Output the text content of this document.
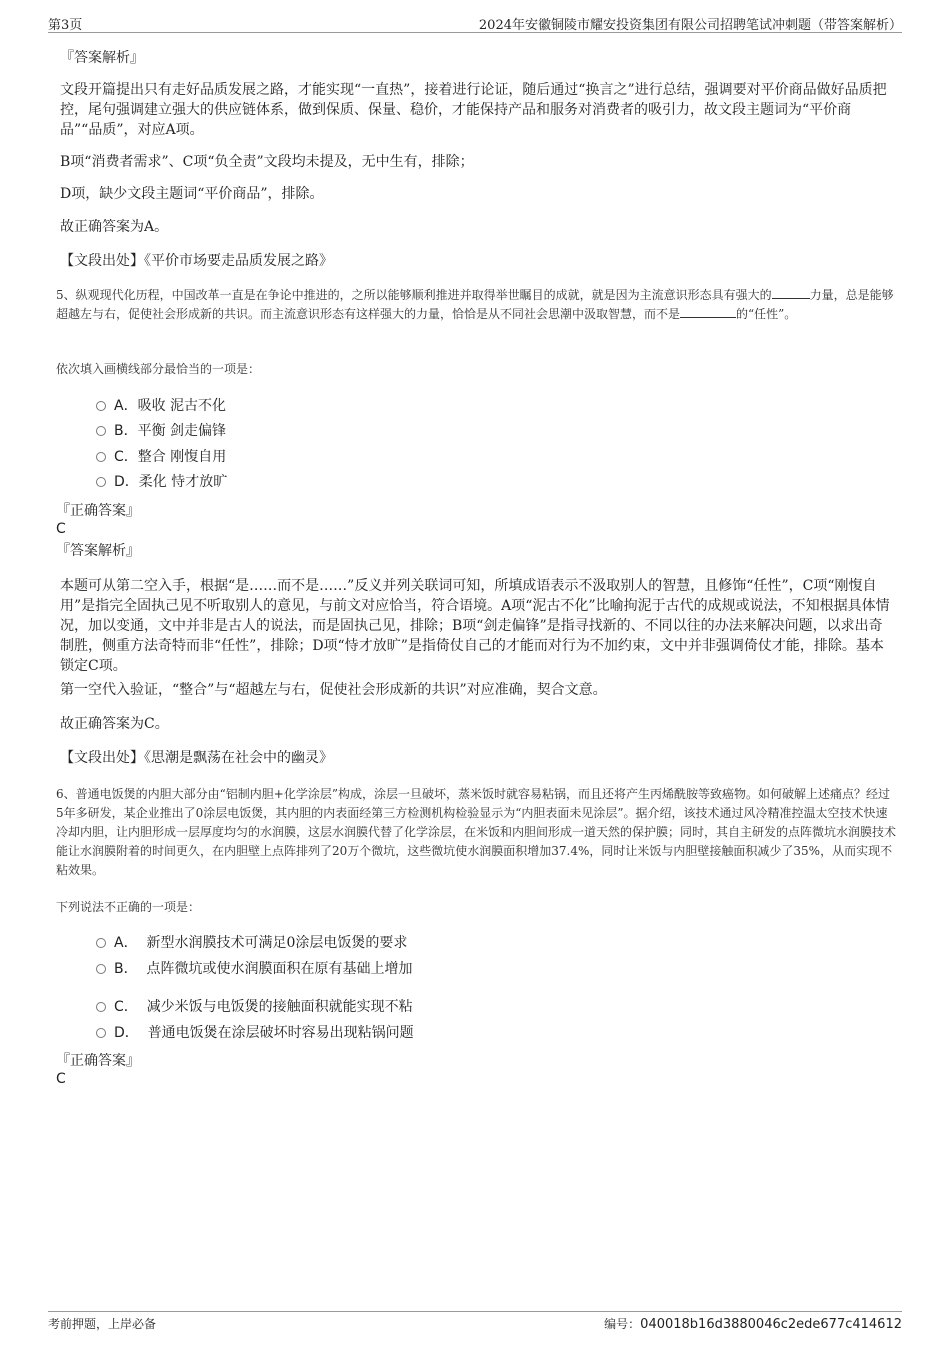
第3页	2024年安徽铜陵市耀安投资集团有限公司招聘笔试冲刺题（带答案解析）
『答案解析』
文段开篇提出只有走好品质发展之路，才能实现“一直热”，接着进行论证，随后通过“换言之”进行总结，强调要对平价商品做好品质把控，尾句强调建立强大的供应链体系，做到保质、保量、稳价，才能保持产品和服务对消费者的吸引力，故文段主题词为“平价商品”“品质”，对应A项。
B项“消费者需求”、C项“负全责”文段均未提及，无中生有，排除；
D项，缺少文段主题词“平价商品”，排除。
故正确答案为A。
【文段出处】《平价市场要走品质发展之路》
5、纵观现代化历程，中国改革一直是在争论中推进的，之所以能够顺利推进并取得举世瞩目的成就，就是因为主流意识形态具有强大的	力量，总是能够超越左与右，促使社会形成新的共识。而主流意识形态有这样强大的力量，恰恰是从不同社会思潮中汲取智慧，而不是	的“任性”。
依次填入画横线部分最恰当的一项是：
A．吸收 泥古不化
B．平衡 剑走偏锋
C．整合 刚愎自用
D．柔化 恃才放旷
『正确答案』
C
『答案解析』
本题可从第二空入手，根据“是……而不是……”反义并列关联词可知，所填成语表示不汲取别人的智慧，且修饰“任性”，C项“刚愎自用”是指完全固执己见不听取别人的意见，与前文对应恰当，符合语境。A项“泥古不化”比喻拘泥于古代的成规或说法，不知根据具体情况，加以变通，文中并非是古人的说法，而是固执己见，排除；B项“剑走偏锋”是指寻找新的、不同以往的办法来解决问题，以求出奇制胜，侧重方法奇特而非“任性”，排除；D项“恃才放旷”是指倚仗自己的才能而对行为不加约束，文中并非强调倚仗才能，排除。基本锁定C项。
第一空代入验证，“整合”与“超越左与右，促使社会形成新的共识”对应准确，契合文意。
故正确答案为C。
【文段出处】《思潮是飘荡在社会中的幽灵》
6、普通电饭煲的内胆大部分由“铝制内胆+化学涂层”构成，涂层一旦破坏，蒸米饭时就容易粘锅，而且还将产生丙烯酰胺等致癌物。如何破解上述痛点？经过5年多研发，某企业推出了0涂层电饭煲，其内胆的内表面经第三方检测机构检验显示为“内胆表面未见涂层”。据介绍，该技术通过风冷精准控温太空技术快速冷却内胆，让内胆形成一层厚度均匀的水润膜，这层水润膜代替了化学涂层，在米饭和内胆间形成一道天然的保护膜；同时，其自主研发的点阵微坑水润膜技术能让水润膜附着的时间更久，在内胆壁上点阵排列了20万个微坑，这些微坑使水润膜面积增加37.4%，同时让米饭与内胆壁接触面积减少了35%，从而实现不粘效果。
下列说法不正确的一项是：
A． 新型水润膜技术可满足0涂层电饭煲的要求
B． 点阵微坑或使水润膜面积在原有基础上增加
C． 减少米饭与电饭煲的接触面积就能实现不粘
D． 普通电饭煲在涂层破坏时容易出现粘锅问题
『正确答案』
C
考前押题，上岸必备	编号：040018b16d3880046c2ede677c414612
